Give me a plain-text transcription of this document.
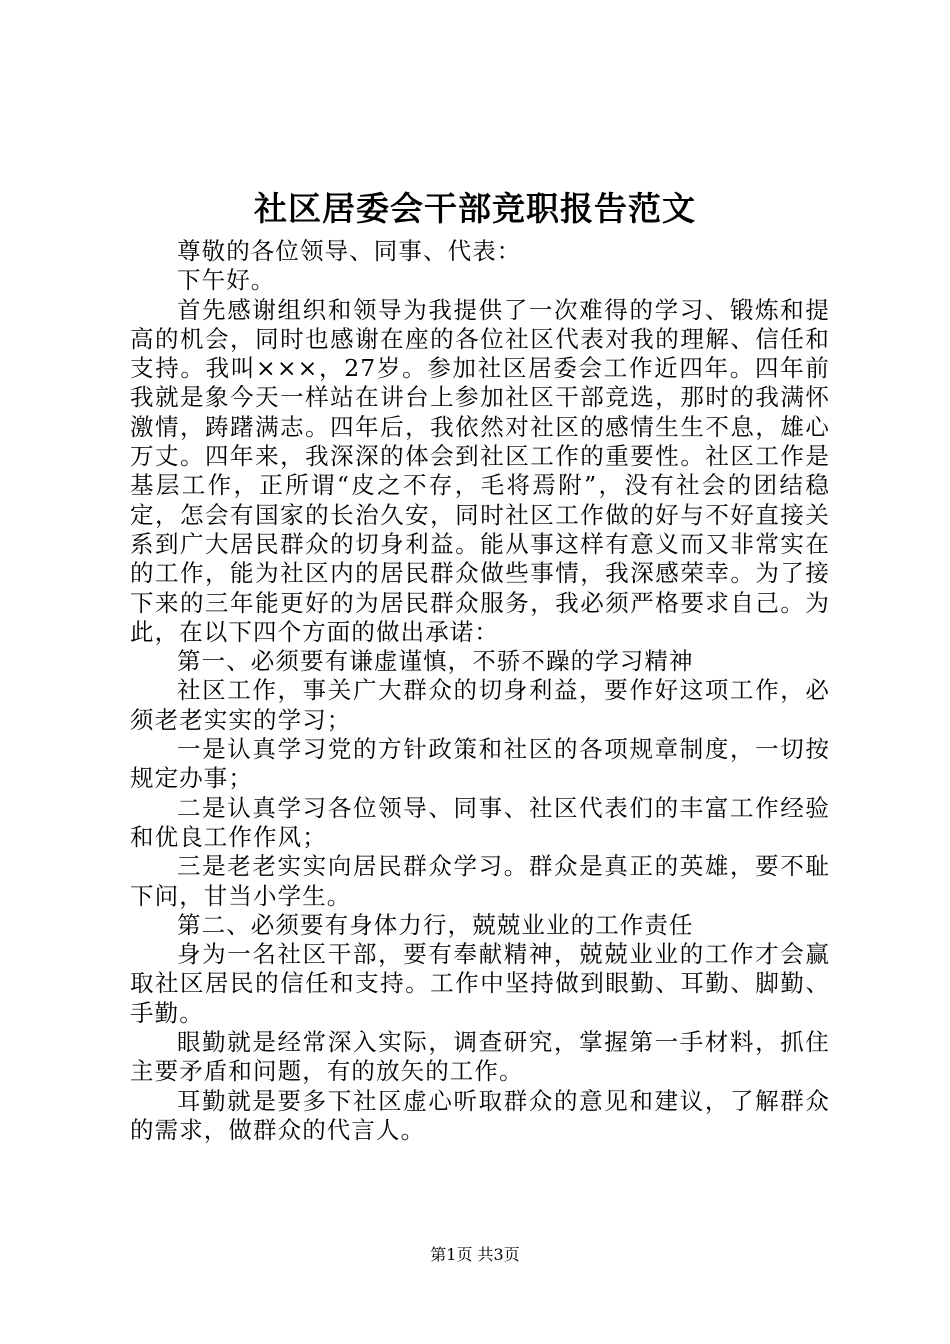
社区居委会干部竞职报告范文

尊敬的各位领导、同事、代表：

下午好。

首先感谢组织和领导为我提供了一次难得的学习、锻炼和提高的机会，同时也感谢在座的各位社区代表对我的理解、信任和支持。我叫×××，27岁。参加社区居委会工作近四年。四年前我就是象今天一样站在讲台上参加社区干部竞选，那时的我满怀激情，踌躇满志。四年后，我依然对社区的感情生生不息，雄心万丈。四年来，我深深的体会到社区工作的重要性。社区工作是基层工作，正所谓“皮之不存，毛将焉附”，没有社会的团结稳定，怎会有国家的长治久安，同时社区工作做的好与不好直接关系到广大居民群众的切身利益。能从事这样有意义而又非常实在的工作，能为社区内的居民群众做些事情，我深感荣幸。为了接下来的三年能更好的为居民群众服务，我必须严格要求自己。为此，在以下四个方面的做出承诺：

第一、必须要有谦虚谨慎，不骄不躁的学习精神

社区工作，事关广大群众的切身利益，要作好这项工作，必须老老实实的学习；

一是认真学习党的方针政策和社区的各项规章制度，一切按规定办事；

二是认真学习各位领导、同事、社区代表们的丰富工作经验和优良工作作风；

三是老老实实向居民群众学习。群众是真正的英雄，要不耻下问，甘当小学生。

第二、必须要有身体力行，兢兢业业的工作责任

身为一名社区干部，要有奉献精神，兢兢业业的工作才会赢取社区居民的信任和支持。工作中坚持做到眼勤、耳勤、脚勤、手勤。

眼勤就是经常深入实际，调查研究，掌握第一手材料，抓住主要矛盾和问题，有的放矢的工作。

耳勤就是要多下社区虚心听取群众的意见和建议，了解群众的需求，做群众的代言人。

第1页 共3页
